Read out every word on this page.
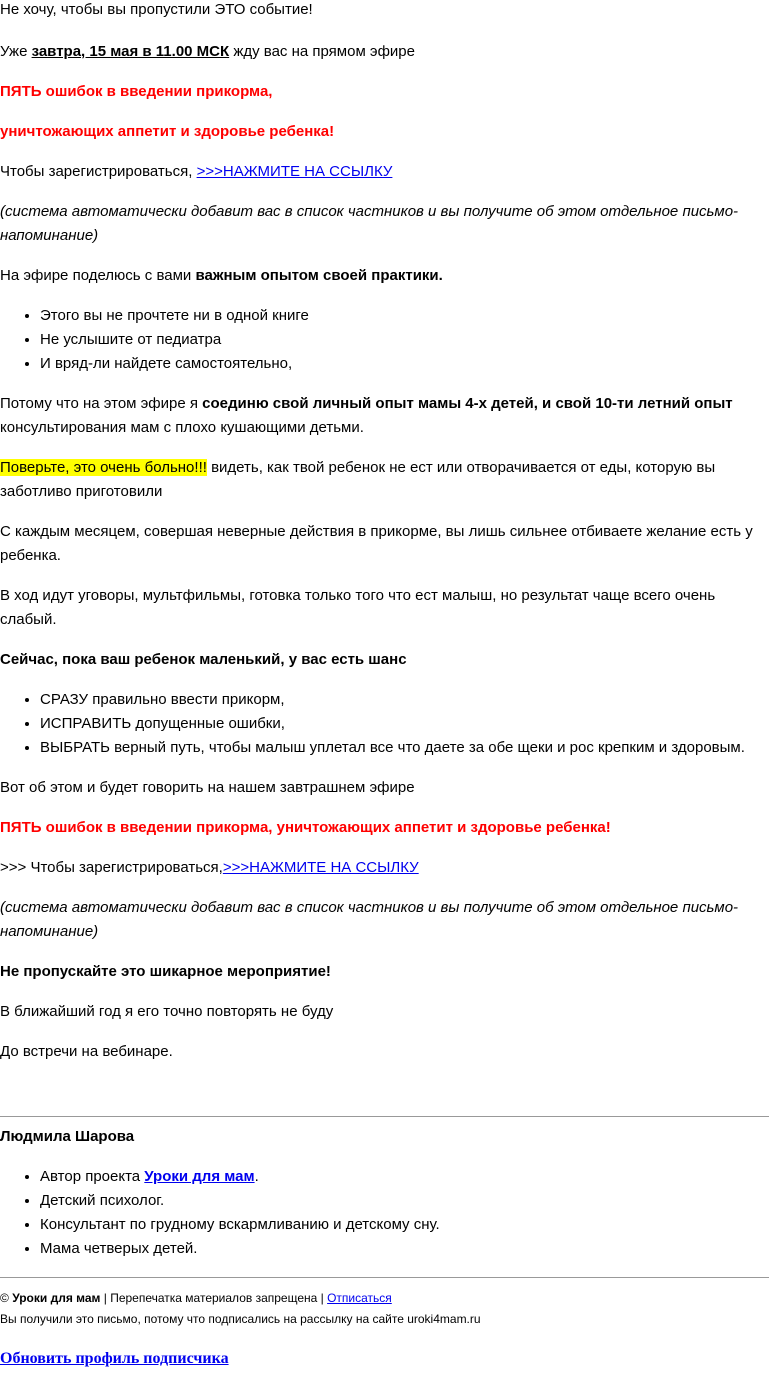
Не хочу, чтобы вы пропустили ЭТО событие!

Уже завтра, 15 мая в 11.00 МСК жду вас на прямом эфире

ПЯТЬ ошибок в введении прикорма,

уничтожающих аппетит и здоровье ребенка!

Чтобы зарегистрироваться, >>>НАЖМИТЕ НА ССЫЛКУ

(система автоматически добавит вас в список частников и вы получите об этом отдельное письмо-напоминание)

На эфире поделюсь с вами важным опытом своей практики.

• Этого вы не прочтете ни в одной книге
• Не услышите от педиатра
• И вряд-ли найдете самостоятельно,

Потому что на этом эфире я соединю свой личный опыт мамы 4-х детей, и свой 10-ти летний опыт консультирования мам с плохо кушающими детьми.

Поверьте, это очень больно!!! видеть, как твой ребенок не ест или отворачивается от еды, которую вы заботливо приготовили

С каждым месяцем, совершая неверные действия в прикорме, вы лишь сильнее отбиваете желание есть у ребенка.

В ход идут уговоры, мультфильмы, готовка только того что ест малыш, но результат чаще всего очень слабый.

Сейчас, пока ваш ребенок маленький, у вас есть шанс

• СРАЗУ правильно ввести прикорм,
• ИСПРАВИТЬ допущенные ошибки,
• ВЫБРАТЬ верный путь, чтобы малыш уплетал все что даете за обе щеки и рос крепким и здоровым.

Вот об этом и будет говорить на нашем завтрашнем эфире

ПЯТЬ ошибок в введении прикорма, уничтожающих аппетит и здоровье ребенка!

>>> Чтобы зарегистрироваться,>>>НАЖМИТЕ НА ССЫЛКУ

(система автоматически добавит вас в список частников и вы получите об этом отдельное письмо-напоминание)

Не пропускайте это шикарное мероприятие!

В ближайший год я его точно повторять не буду

До встречи на вебинаре.

Людмила Шарова

• Автор проекта Уроки для мам.
• Детский психолог.
• Консультант по грудному вскармливанию и детскому сну.
• Мама четверых детей.
© Уроки для мам | Перепечатка материалов запрещена | Отписаться
Вы получили это письмо, потому что подписались на рассылку на сайте uroki4mam.ru
Обновить профиль подписчика
